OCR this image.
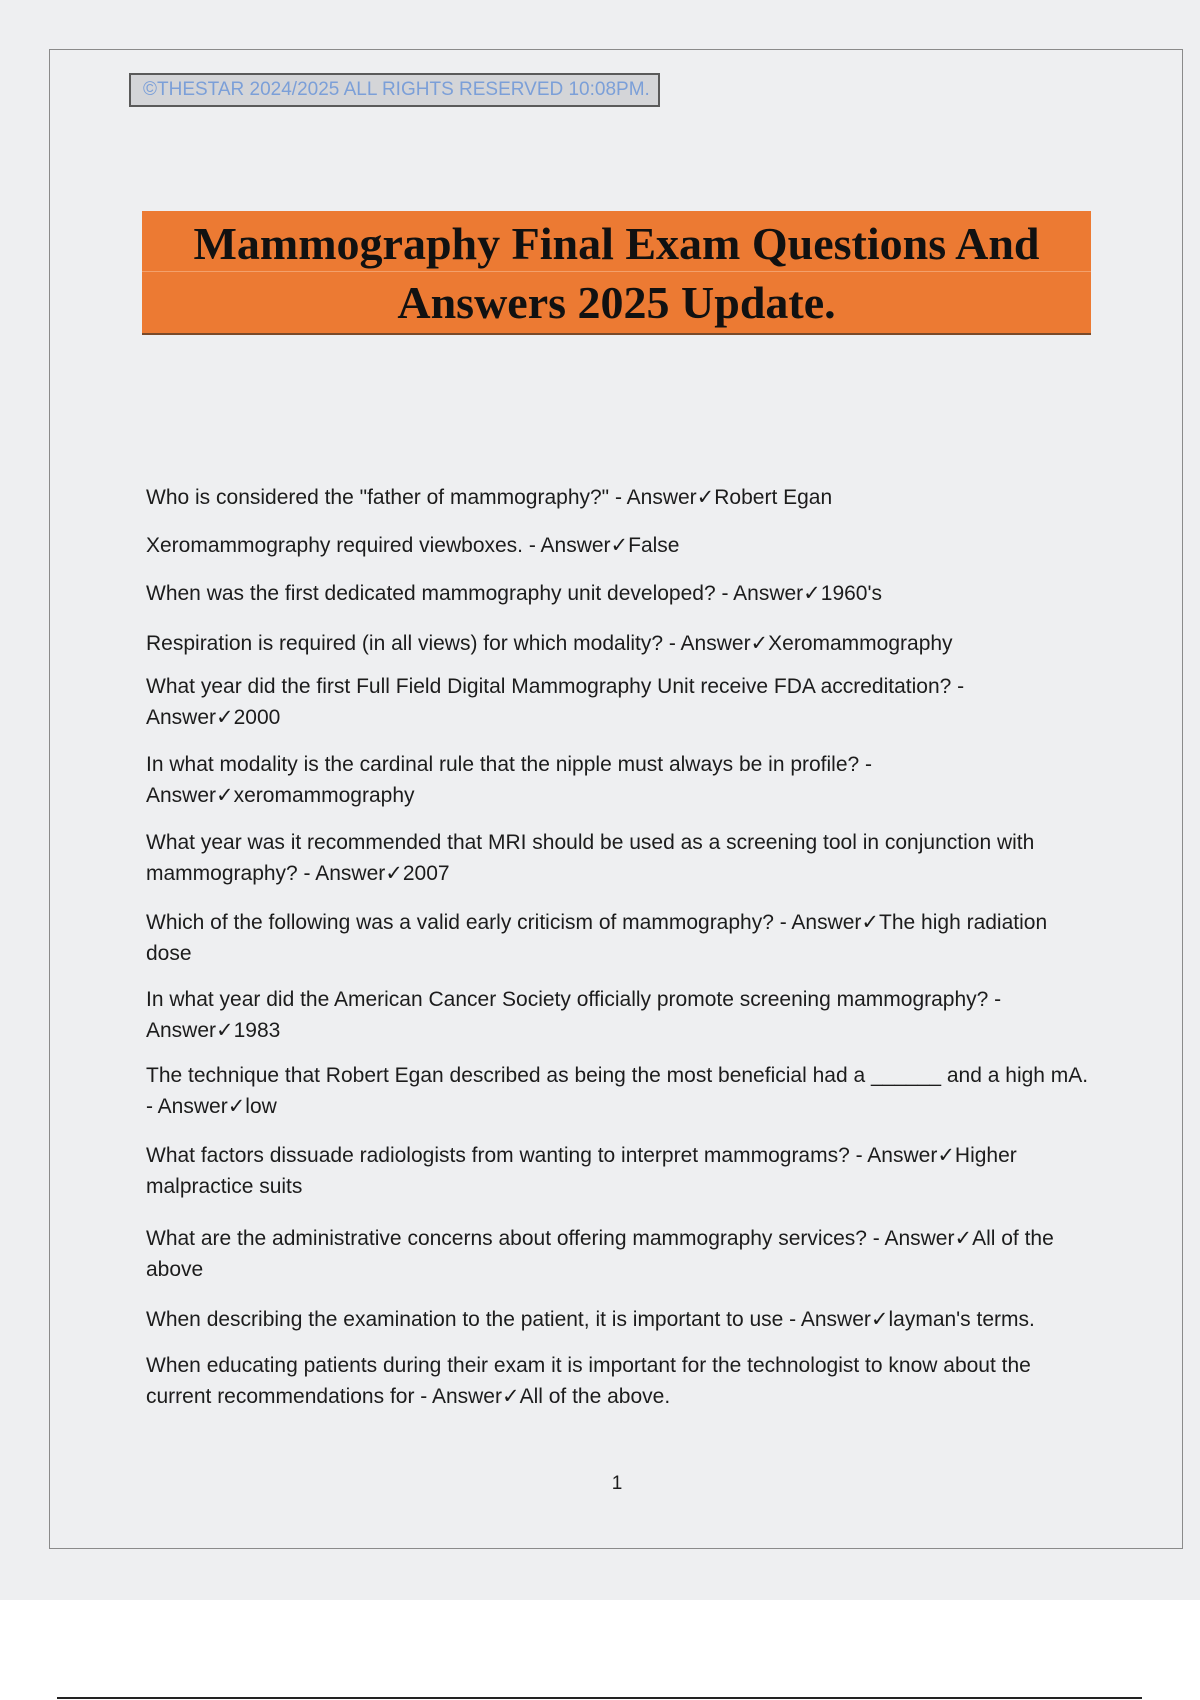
©THESTAR 2024/2025 ALL RIGHTS RESERVED 10:08PM.
Mammography Final Exam Questions And
Answers 2025 Update.
Who is considered the "father of mammography?" - Answer✓Robert Egan
Xeromammography required viewboxes. - Answer✓False
When was the first dedicated mammography unit developed? - Answer✓1960's
Respiration is required (in all views) for which modality? - Answer✓Xeromammography
What year did the first Full Field Digital Mammography Unit receive FDA accreditation? - Answer✓2000
In what modality is the cardinal rule that the nipple must always be in profile? - Answer✓xeromammography
What year was it recommended that MRI should be used as a screening tool in conjunction with mammography? - Answer✓2007
Which of the following was a valid early criticism of mammography? - Answer✓The high radiation dose
In what year did the American Cancer Society officially promote screening mammography? - Answer✓1983
The technique that Robert Egan described as being the most beneficial had a ______ and a high mA. - Answer✓low
What factors dissuade radiologists from wanting to interpret mammograms? - Answer✓Higher malpractice suits
What are the administrative concerns about offering mammography services? - Answer✓All of the above
When describing the examination to the patient, it is important to use - Answer✓layman's terms.
When educating patients during their exam it is important for the technologist to know about the current recommendations for - Answer✓All of the above.
1
